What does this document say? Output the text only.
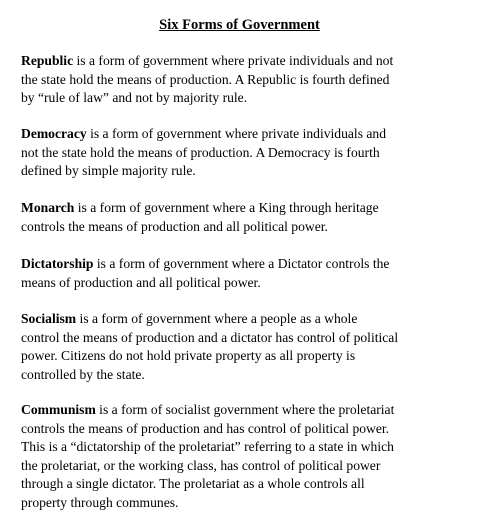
Six Forms of Government

Republic is a form of government where private individuals and not
the state hold the means of production. A Republic is fourth defined
by “rule of law” and not by majority rule.

Democracy is a form of government where private individuals and
not the state hold the means of production. A Democracy is fourth
defined by simple majority rule.

Monarch is a form of government where a King through heritage
controls the means of production and all political power.

Dictatorship is a form of government where a Dictator controls the
means of production and all political power.

Socialism is a form of government where a people as a whole
control the means of production and a dictator has control of political
power. Citizens do not hold private property as all property is
controlled by the state.

Communism is a form of socialist government where the proletariat
controls the means of production and has control of political power.
This is a “dictatorship of the proletariat” referring to a state in which
the proletariat, or the working class, has control of political power
through a single dictator. The proletariat as a whole controls all
property through communes.
